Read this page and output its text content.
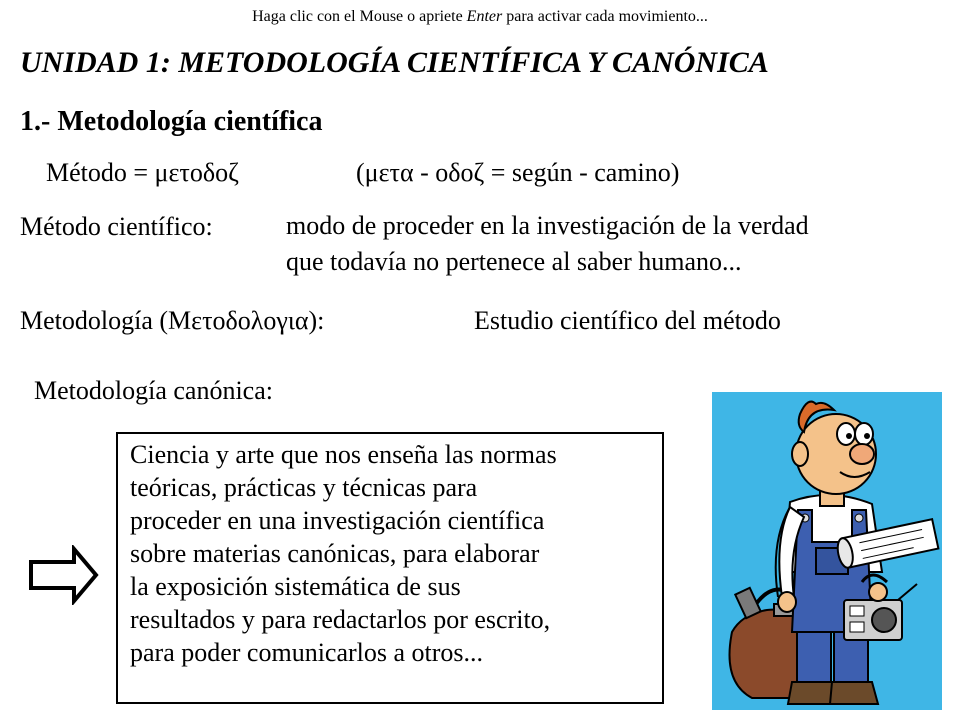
Haga clic con el Mouse o apriete Enter para activar cada movimiento...
UNIDAD 1: METODOLOGÍA CIENTÍFICA Y CANÓNICA
1.- Metodología científica
Método = μετοδοζ	(μετα - οδοζ = según - camino)
Método científico:	modo de proceder en la investigación de la verdad
que todavía no pertenece al saber humano...
Metodología (Μετοδολογια):	Estudio científico del método
Metodología canónica:
Ciencia y arte que nos enseña las normas
teóricas, prácticas y técnicas para
proceder en una investigación científica
sobre materias canónicas, para elaborar
la exposición sistemática de sus
resultados y para redactarlos por escrito,
para poder comunicarlos a otros...
